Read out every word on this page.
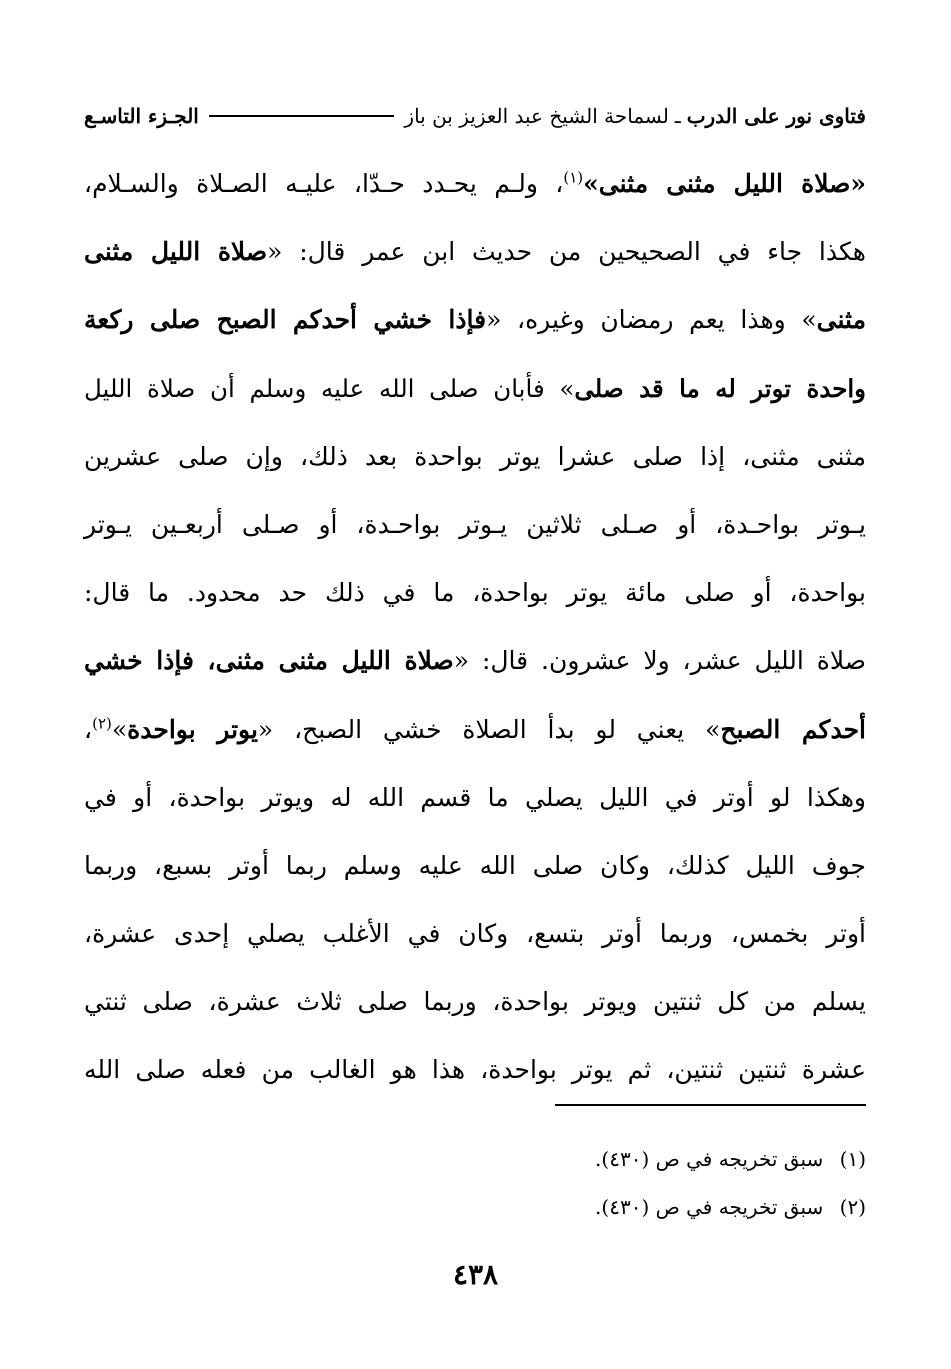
فتاوى نور على الدرب
ـ
لسماحة الشيخ عبد العزيز بن باز
الجـزء التاسـع
«صلاة الليل مثنى مثنى»$^{(١)}$، ولـم يحـدد حـدّا، عليـه الصـلاة والسـلام،
هكذا جاء في الصحيحين من حديث ابن عمر قال: «صلاة الليل مثنى
مثنى» وهذا يعم رمضان وغيره، «فإذا خشي أحدكم الصبح صلى ركعة
واحدة توتر له ما قد صلى» فأبان صلى الله عليه وسلم أن صلاة الليل
مثنى مثنى، إذا صلى عشرا يوتر بواحدة بعد ذلك، وإن صلى عشرين
يـوتر بواحـدة، أو صـلى ثلاثين يـوتر بواحـدة، أو صـلى أربعـين يـوتر
بواحدة، أو صلى مائة يوتر بواحدة، ما في ذلك حد محدود. ما قال:
صلاة الليل عشر، ولا عشرون. قال: «صلاة الليل مثنى مثنى، فإذا خشي
أحدكم الصبح» يعني لو بدأ الصلاة خشي الصبح، «يوتر بواحدة»$^{(٢)}$،
وهكذا لو أوتر في الليل يصلي ما قسم الله له ويوتر بواحدة، أو في
جوف الليل كذلك، وكان صلى الله عليه وسلم ربما أوتر بسبع، وربما
أوتر بخمس، وربما أوتر بتسع، وكان في الأغلب يصلي إحدى عشرة،
يسلم من كل ثنتين ويوتر بواحدة، وربما صلى ثلاث عشرة، صلى ثنتي
عشرة ثنتين ثنتين، ثم يوتر بواحدة، هذا هو الغالب من فعله صلى الله
(١) سبق تخريجه في ص (٤٣٠).
(٢) سبق تخريجه في ص (٤٣٠).
٤٣٨
